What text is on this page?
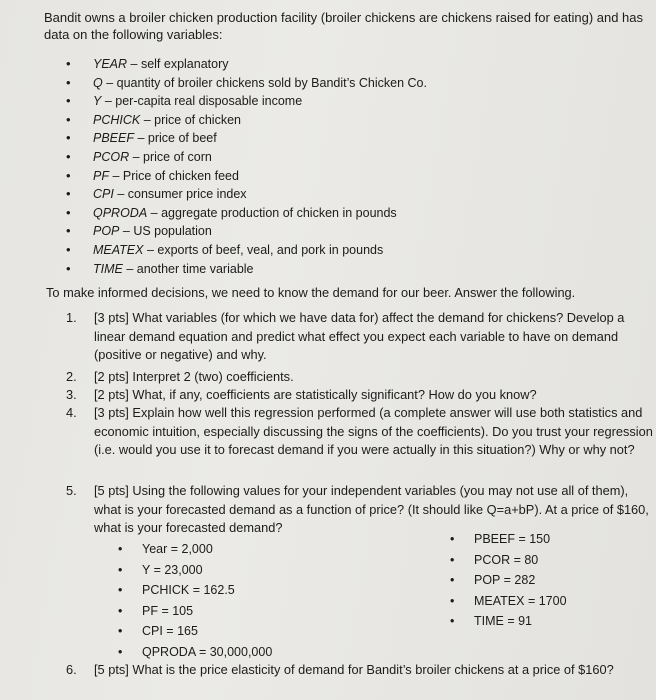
Bandit owns a broiler chicken production facility (broiler chickens are chickens raised for eating) and has data on the following variables:
• YEAR – self explanatory
• Q – quantity of broiler chickens sold by Bandit’s Chicken Co.
• Y – per-capita real disposable income
• PCHICK – price of chicken
• PBEEF – price of beef
• PCOR – price of corn
• PF – Price of chicken feed
• CPI – consumer price index
• QPRODA – aggregate production of chicken in pounds
• POP – US population
• MEATEX – exports of beef, veal, and pork in pounds
• TIME – another time variable
To make informed decisions, we need to know the demand for our beer. Answer the following.
1.	[3 pts] What variables (for which we have data for) affect the demand for chickens? Develop a linear demand equation and predict what effect you expect each variable to have on demand (positive or negative) and why.
2.	[2 pts] Interpret 2 (two) coefficients.
3.	[2 pts] What, if any, coefficients are statistically significant? How do you know?
4.	[3 pts] Explain how well this regression performed (a complete answer will use both statistics and economic intuition, especially discussing the signs of the coefficients). Do you trust your regression (i.e. would you use it to forecast demand if you were actually in this situation?) Why or why not?
5.	[5 pts] Using the following values for your independent variables (you may not use all of them), what is your forecasted demand as a function of price? (It should like Q=a+bP). At a price of $160, what is your forecasted demand?
• Year = 2,000
• Y = 23,000
• PCHICK = 162.5
• PF = 105
• CPI = 165
• QPRODA = 30,000,000
• PBEEF = 150
• PCOR = 80
• POP = 282
• MEATEX = 1700
• TIME = 91
6.	[5 pts] What is the price elasticity of demand for Bandit’s broiler chickens at a price of $160?
